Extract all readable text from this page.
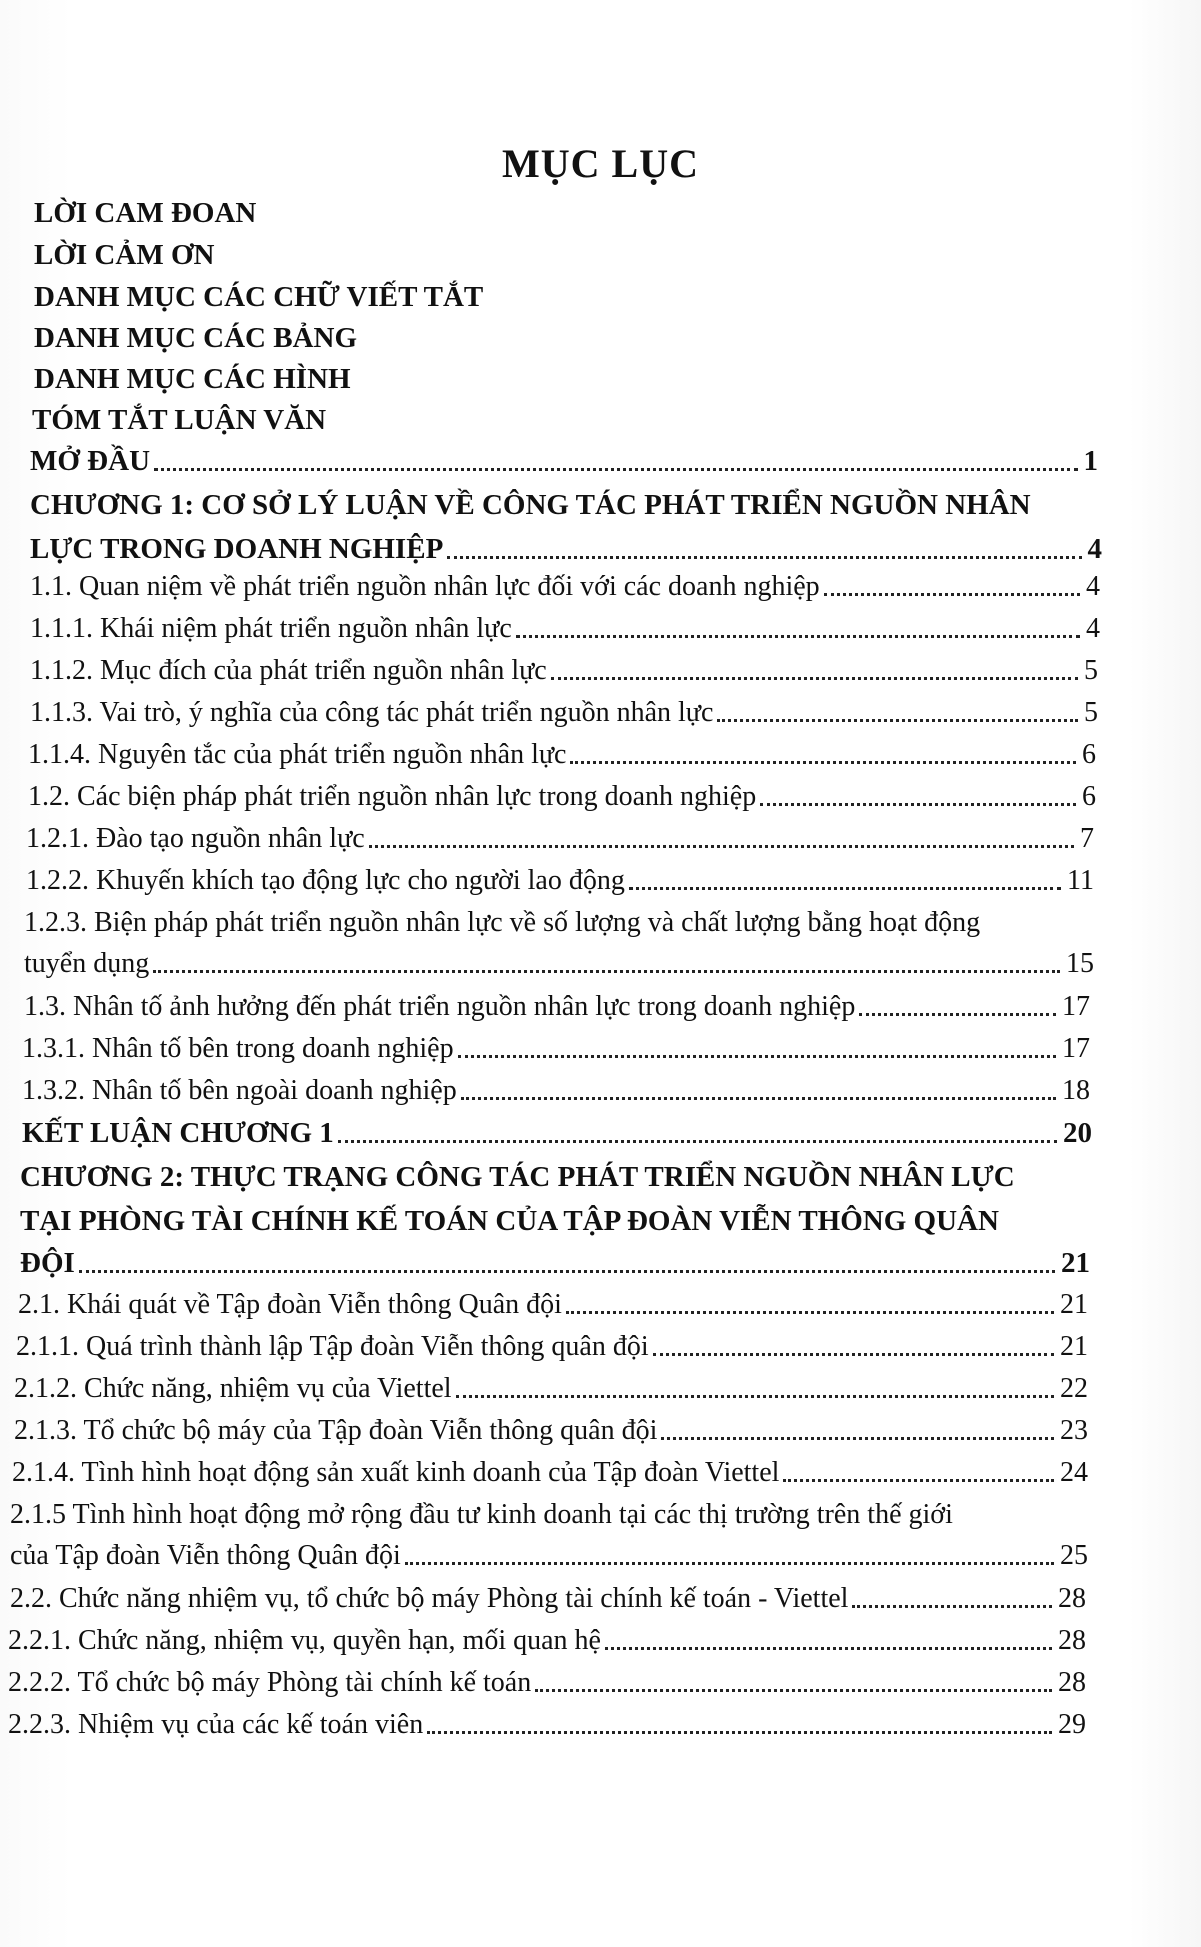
MỤC LỤC
LỜI CAM ĐOAN
LỜI CẢM ƠN
DANH MỤC CÁC CHỮ VIẾT TẮT
DANH MỤC CÁC BẢNG
DANH MỤC CÁC HÌNH
TÓM TẮT LUẬN VĂN
MỞ ĐẦU	1
CHƯƠNG 1: CƠ SỞ LÝ LUẬN VỀ CÔNG TÁC PHÁT TRIỂN NGUỒN NHÂN
LỰC TRONG DOANH NGHIỆP	4
1.1. Quan niệm về phát triển nguồn nhân lực đối với các doanh nghiệp	4
1.1.1. Khái niệm phát triển nguồn nhân lực	4
1.1.2. Mục đích của phát triển nguồn nhân lực	5
1.1.3. Vai trò, ý nghĩa của công tác phát triển nguồn nhân lực	5
1.1.4. Nguyên tắc của phát triển nguồn nhân lực	6
1.2. Các biện pháp phát triển nguồn nhân lực trong doanh nghiệp	6
1.2.1. Đào tạo nguồn nhân lực	7
1.2.2. Khuyến khích tạo động lực cho người lao động	11
1.2.3. Biện pháp phát triển nguồn nhân lực về số lượng và chất lượng bằng hoạt động
tuyển dụng	15
1.3. Nhân tố ảnh hưởng đến phát triển nguồn nhân lực trong doanh nghiệp	17
1.3.1. Nhân tố bên trong doanh nghiệp	17
1.3.2. Nhân tố bên ngoài doanh nghiệp	18
KẾT LUẬN CHƯƠNG 1	20
CHƯƠNG 2: THỰC TRẠNG CÔNG TÁC PHÁT TRIỂN NGUỒN NHÂN LỰC
TẠI PHÒNG TÀI CHÍNH KẾ TOÁN CỦA TẬP ĐOÀN VIỄN THÔNG QUÂN
ĐỘI	21
2.1. Khái quát về Tập đoàn Viễn thông Quân đội	21
2.1.1. Quá trình thành lập Tập đoàn Viễn thông quân đội	21
2.1.2. Chức năng, nhiệm vụ của Viettel	22
2.1.3. Tổ chức bộ máy của Tập đoàn Viễn thông quân đội	23
2.1.4. Tình hình hoạt động sản xuất kinh doanh của Tập đoàn Viettel	24
2.1.5 Tình hình hoạt động mở rộng đầu tư kinh doanh tại các thị trường trên thế giới
của Tập đoàn Viễn thông Quân đội	25
2.2. Chức năng nhiệm vụ, tổ chức bộ máy Phòng tài chính kế toán - Viettel	28
2.2.1. Chức năng, nhiệm vụ, quyền hạn, mối quan hệ	28
2.2.2. Tổ chức bộ máy Phòng tài chính kế toán	28
2.2.3. Nhiệm vụ của các kế toán viên	29
